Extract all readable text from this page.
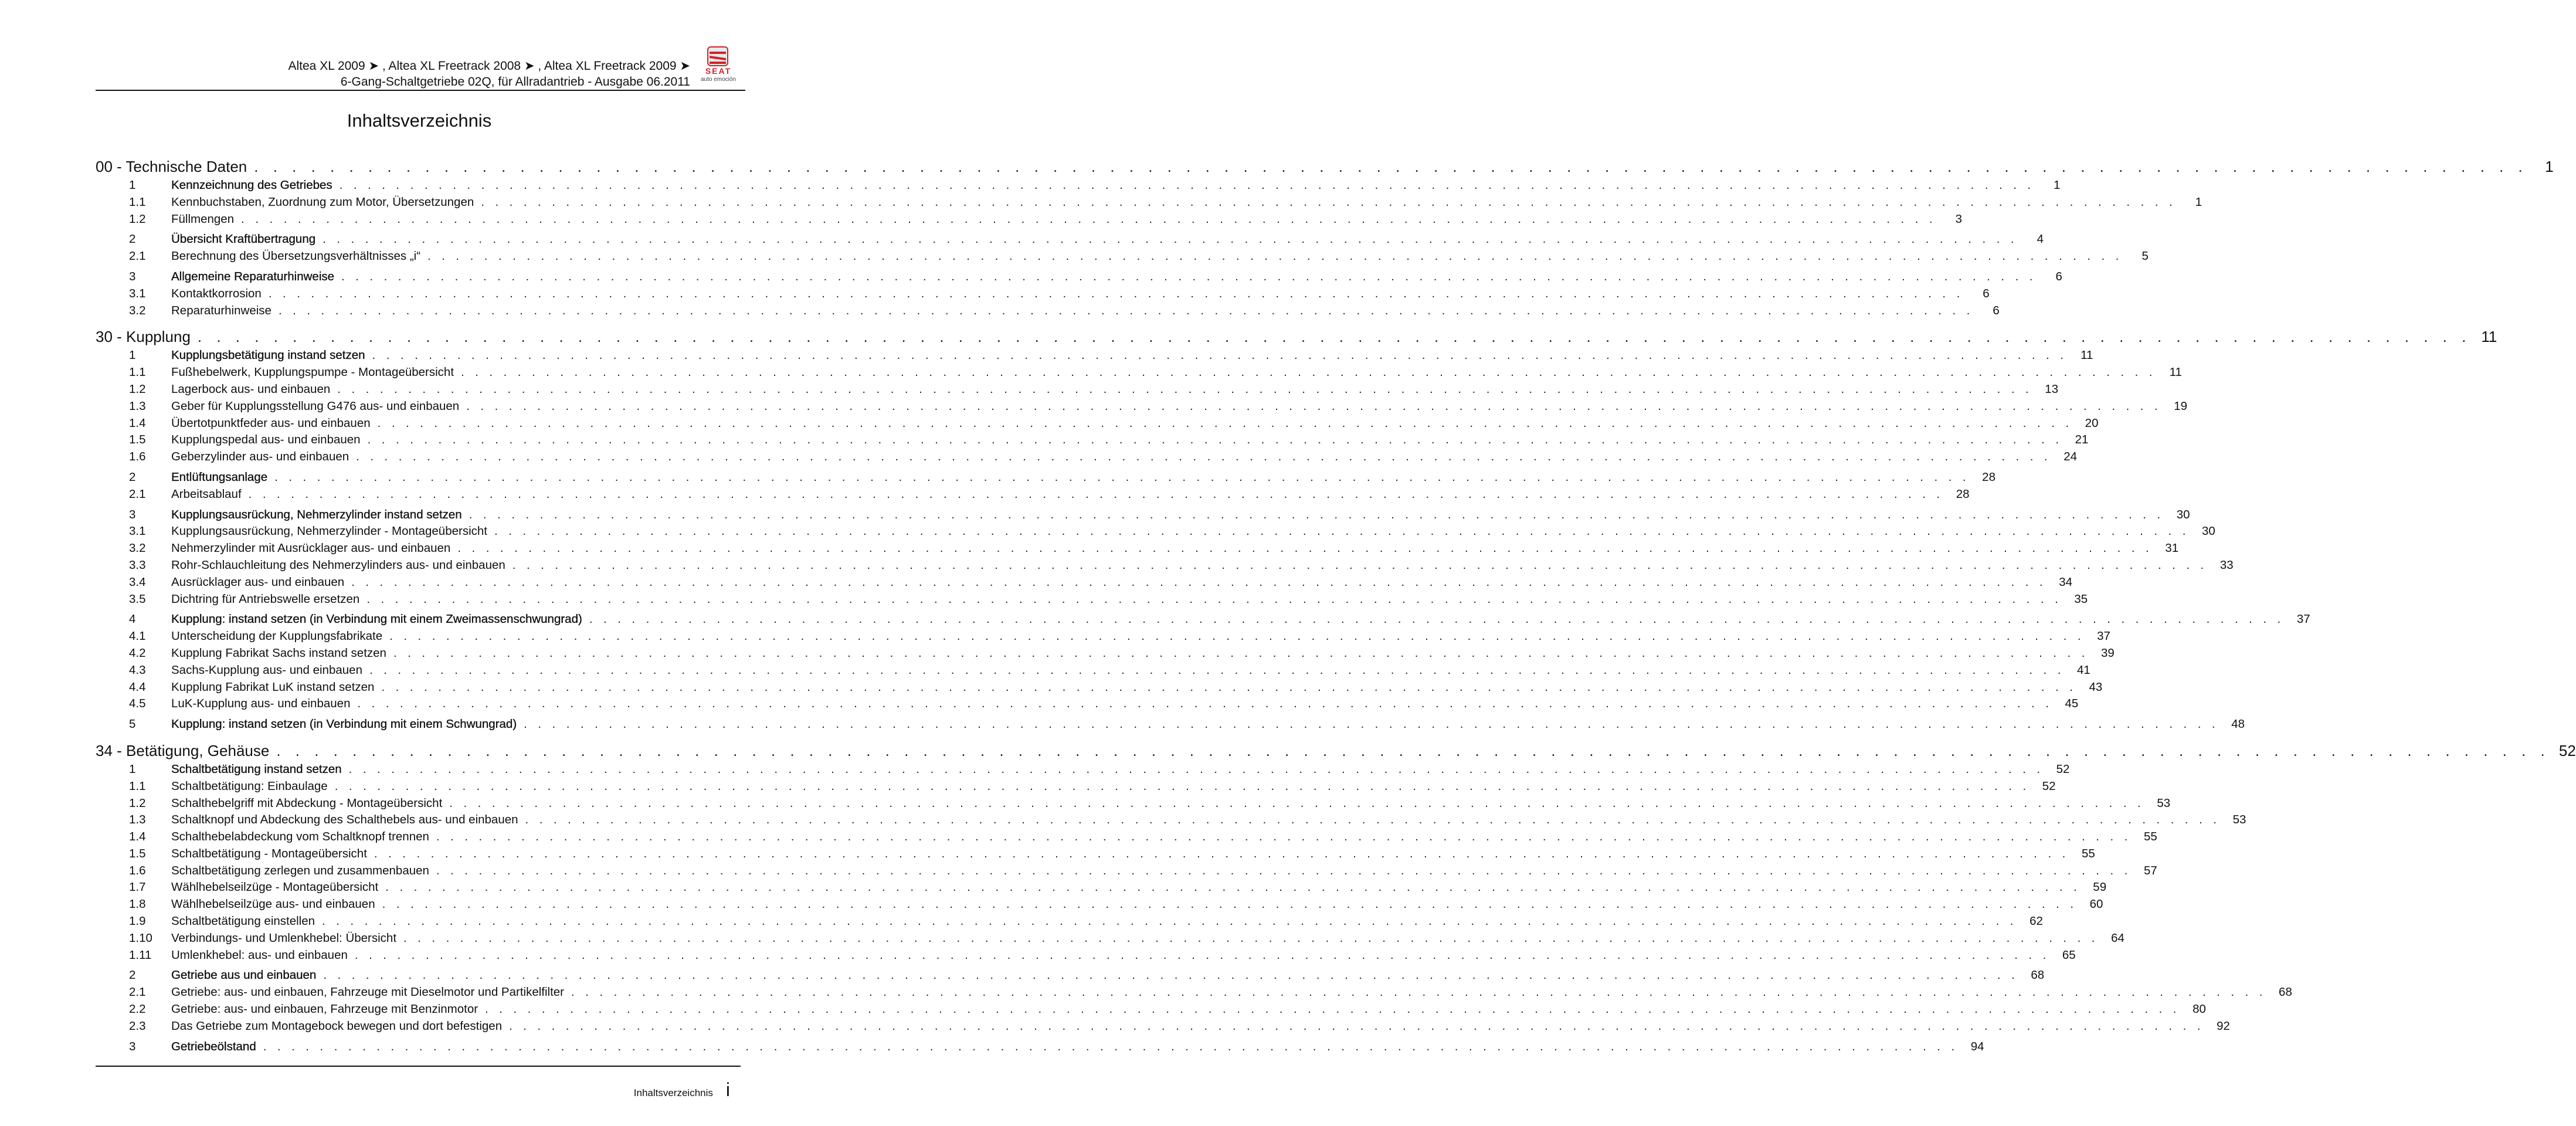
Altea XL 2009 ➤ , Altea XL Freetrack 2008 ➤ , Altea XL Freetrack 2009 ➤
6-Gang-Schaltgetriebe 02Q, für Allradantrieb - Ausgabe 06.2011
SEAT
auto emoción
Inhaltsverzeichnis
00 - Technische Daten . . . . . . . . . . . . . . . . . . . . . . . . . . . . . . . . . . . . . . . . . . . . . . . . . . . . . . . . . . . . . . . . . . . . . . . . . . . . . . . . . . . . . . . . . . . . . . . . . . . . . . . . . . . . . . . . . . . . . . . .	1
1	Kennzeichnung des Getriebes . . . . . . . . . . . . . . . . . . . . . . . . . . . . . . . . . . . . . . . . . . . . . . . . . . . . . . . . . . . . . . . . . . . . . . . . . . . . . . . . . . . . . . . . . . . . . . . . . . . . . . . . . . . . . . . . . . . . . . . .	1
1.1	Kennbuchstaben, Zuordnung zum Motor, Übersetzungen . . . . . . . . . . . . . . . . . . . . . . . . . . . . . . . . . . . . . . . . . . . . . . . . . . . . . . . . . . . . . . . . . . . . . . . . . . . . . . . . . . . . . . . . . . . . . . . . . . . . . . . . . . . . . . . . . . . . . . . .	1
1.2	Füllmengen . . . . . . . . . . . . . . . . . . . . . . . . . . . . . . . . . . . . . . . . . . . . . . . . . . . . . . . . . . . . . . . . . . . . . . . . . . . . . . . . . . . . . . . . . . . . . . . . . . . . . . . . . . . . . . . . . . . . . . . .	3
2	Übersicht Kraftübertragung . . . . . . . . . . . . . . . . . . . . . . . . . . . . . . . . . . . . . . . . . . . . . . . . . . . . . . . . . . . . . . . . . . . . . . . . . . . . . . . . . . . . . . . . . . . . . . . . . . . . . . . . . . . . . . . . . . . . . . . .	4
2.1	Berechnung des Übersetzungsverhältnisses „i“ . . . . . . . . . . . . . . . . . . . . . . . . . . . . . . . . . . . . . . . . . . . . . . . . . . . . . . . . . . . . . . . . . . . . . . . . . . . . . . . . . . . . . . . . . . . . . . . . . . . . . . . . . . . . . . . . . . . . . . . .	5
3	Allgemeine Reparaturhinweise . . . . . . . . . . . . . . . . . . . . . . . . . . . . . . . . . . . . . . . . . . . . . . . . . . . . . . . . . . . . . . . . . . . . . . . . . . . . . . . . . . . . . . . . . . . . . . . . . . . . . . . . . . . . . . . . . . . . . . . .	6
3.1	Kontaktkorrosion . . . . . . . . . . . . . . . . . . . . . . . . . . . . . . . . . . . . . . . . . . . . . . . . . . . . . . . . . . . . . . . . . . . . . . . . . . . . . . . . . . . . . . . . . . . . . . . . . . . . . . . . . . . . . . . . . . . . . . . .	6
3.2	Reparaturhinweise . . . . . . . . . . . . . . . . . . . . . . . . . . . . . . . . . . . . . . . . . . . . . . . . . . . . . . . . . . . . . . . . . . . . . . . . . . . . . . . . . . . . . . . . . . . . . . . . . . . . . . . . . . . . . . . . . . . . . . . .	6
30 - Kupplung . . . . . . . . . . . . . . . . . . . . . . . . . . . . . . . . . . . . . . . . . . . . . . . . . . . . . . . . . . . . . . . . . . . . . . . . . . . . . . . . . . . . . . . . . . . . . . . . . . . . . . . . . . . . . . . . . . . . . . . . 11
1	Kupplungsbetätigung instand setzen . . . . . . . . . . . . . . . . . . . . . . . . . . . . . . . . . . . . . . . . . . . . . . . . . . . . . . . . . . . . . . . . . . . . . . . . . . . . . . . . . . . . . . . . . . . . . . . . . . . . . . . . . . . . . . . . . . . . . . . .	11
1.1	Fußhebelwerk, Kupplungspumpe - Montageübersicht . . . . . . . . . . . . . . . . . . . . . . . . . . . . . . . . . . . . . . . . . . . . . . . . . . . . . . . . . . . . . . . . . . . . . . . . . . . . . . . . . . . . . . . . . . . . . . . . . . . . . . . . . . . . . . . . . . . . . . . .	11
1.2	Lagerbock aus- und einbauen . . . . . . . . . . . . . . . . . . . . . . . . . . . . . . . . . . . . . . . . . . . . . . . . . . . . . . . . . . . . . . . . . . . . . . . . . . . . . . . . . . . . . . . . . . . . . . . . . . . . . . . . . . . . . . . . . . . . . . . .	13
1.3	Geber für Kupplungsstellung G476 aus- und einbauen . . . . . . . . . . . . . . . . . . . . . . . . . . . . . . . . . . . . . . . . . . . . . . . . . . . . . . . . . . . . . . . . . . . . . . . . . . . . . . . . . . . . . . . . . . . . . . . . . . . . . . . . . . . . . . . . . . . . . . . .	19
1.4	Übertotpunktfeder aus- und einbauen . . . . . . . . . . . . . . . . . . . . . . . . . . . . . . . . . . . . . . . . . . . . . . . . . . . . . . . . . . . . . . . . . . . . . . . . . . . . . . . . . . . . . . . . . . . . . . . . . . . . . . . . . . . . . . . . . . . . . . . .	20
1.5	Kupplungspedal aus- und einbauen . . . . . . . . . . . . . . . . . . . . . . . . . . . . . . . . . . . . . . . . . . . . . . . . . . . . . . . . . . . . . . . . . . . . . . . . . . . . . . . . . . . . . . . . . . . . . . . . . . . . . . . . . . . . . . . . . . . . . . . .	21
1.6	Geberzylinder aus- und einbauen . . . . . . . . . . . . . . . . . . . . . . . . . . . . . . . . . . . . . . . . . . . . . . . . . . . . . . . . . . . . . . . . . . . . . . . . . . . . . . . . . . . . . . . . . . . . . . . . . . . . . . . . . . . . . . . . . . . . . . . .	24
2	Entlüftungsanlage . . . . . . . . . . . . . . . . . . . . . . . . . . . . . . . . . . . . . . . . . . . . . . . . . . . . . . . . . . . . . . . . . . . . . . . . . . . . . . . . . . . . . . . . . . . . . . . . . . . . . . . . . . . . . . . . . . . . . . . .	28
2.1	Arbeitsablauf . . . . . . . . . . . . . . . . . . . . . . . . . . . . . . . . . . . . . . . . . . . . . . . . . . . . . . . . . . . . . . . . . . . . . . . . . . . . . . . . . . . . . . . . . . . . . . . . . . . . . . . . . . . . . . . . . . . . . . . .	28
3	Kupplungsausrückung, Nehmerzylinder instand setzen . . . . . . . . . . . . . . . . . . . . . . . . . . . . . . . . . . . . . . . . . . . . . . . . . . . . . . . . . . . . . . . . . . . . . . . . . . . . . . . . . . . . . . . . . . . . . . . . . . . . . . . . . . . . . . . . . . . . . . . .	30
3.1	Kupplungsausrückung, Nehmerzylinder - Montageübersicht . . . . . . . . . . . . . . . . . . . . . . . . . . . . . . . . . . . . . . . . . . . . . . . . . . . . . . . . . . . . . . . . . . . . . . . . . . . . . . . . . . . . . . . . . . . . . . . . . . . . . . . . . . . . . . . . . . . . . . . .	30
3.2	Nehmerzylinder mit Ausrücklager aus- und einbauen . . . . . . . . . . . . . . . . . . . . . . . . . . . . . . . . . . . . . . . . . . . . . . . . . . . . . . . . . . . . . . . . . . . . . . . . . . . . . . . . . . . . . . . . . . . . . . . . . . . . . . . . . . . . . . . . . . . . . . . .	31
3.3	Rohr-Schlauchleitung des Nehmerzylinders aus- und einbauen . . . . . . . . . . . . . . . . . . . . . . . . . . . . . . . . . . . . . . . . . . . . . . . . . . . . . . . . . . . . . . . . . . . . . . . . . . . . . . . . . . . . . . . . . . . . . . . . . . . . . . . . . . . . . . . . . . . . . . . .	33
3.4	Ausrücklager aus- und einbauen . . . . . . . . . . . . . . . . . . . . . . . . . . . . . . . . . . . . . . . . . . . . . . . . . . . . . . . . . . . . . . . . . . . . . . . . . . . . . . . . . . . . . . . . . . . . . . . . . . . . . . . . . . . . . . . . . . . . . . . .	34
3.5	Dichtring für Antriebswelle ersetzen . . . . . . . . . . . . . . . . . . . . . . . . . . . . . . . . . . . . . . . . . . . . . . . . . . . . . . . . . . . . . . . . . . . . . . . . . . . . . . . . . . . . . . . . . . . . . . . . . . . . . . . . . . . . . . . . . . . . . . . .	35
4	Kupplung: instand setzen (in Verbindung mit einem Zweimassenschwungrad) . . . . . . . . . . . . . . . . . . . . . . . . . . . . . . . . . . . . . . . . . . . . . . . . . . . . . . . . . . . . . . . . . . . . . . . . . . . . . . . . . . . . . . . . . . . . . . . . . . . . . . . . . . . . . . . . . . . . . . . .	37
4.1	Unterscheidung der Kupplungsfabrikate . . . . . . . . . . . . . . . . . . . . . . . . . . . . . . . . . . . . . . . . . . . . . . . . . . . . . . . . . . . . . . . . . . . . . . . . . . . . . . . . . . . . . . . . . . . . . . . . . . . . . . . . . . . . . . . . . . . . . . . .	37
4.2	Kupplung Fabrikat Sachs instand setzen . . . . . . . . . . . . . . . . . . . . . . . . . . . . . . . . . . . . . . . . . . . . . . . . . . . . . . . . . . . . . . . . . . . . . . . . . . . . . . . . . . . . . . . . . . . . . . . . . . . . . . . . . . . . . . . . . . . . . . . .	39
4.3	Sachs-Kupplung aus- und einbauen . . . . . . . . . . . . . . . . . . . . . . . . . . . . . . . . . . . . . . . . . . . . . . . . . . . . . . . . . . . . . . . . . . . . . . . . . . . . . . . . . . . . . . . . . . . . . . . . . . . . . . . . . . . . . . . . . . . . . . . .	41
4.4	Kupplung Fabrikat LuK instand setzen . . . . . . . . . . . . . . . . . . . . . . . . . . . . . . . . . . . . . . . . . . . . . . . . . . . . . . . . . . . . . . . . . . . . . . . . . . . . . . . . . . . . . . . . . . . . . . . . . . . . . . . . . . . . . . . . . . . . . . . .	43
4.5	LuK-Kupplung aus- und einbauen . . . . . . . . . . . . . . . . . . . . . . . . . . . . . . . . . . . . . . . . . . . . . . . . . . . . . . . . . . . . . . . . . . . . . . . . . . . . . . . . . . . . . . . . . . . . . . . . . . . . . . . . . . . . . . . . . . . . . . . .	45
5	Kupplung: instand setzen (in Verbindung mit einem Schwungrad) . . . . . . . . . . . . . . . . . . . . . . . . . . . . . . . . . . . . . . . . . . . . . . . . . . . . . . . . . . . . . . . . . . . . . . . . . . . . . . . . . . . . . . . . . . . . . . . . . . . . . . . . . . . . . . . . . . . . . . . .	48
34 - Betätigung, Gehäuse . . . . . . . . . . . . . . . . . . . . . . . . . . . . . . . . . . . . . . . . . . . . . . . . . . . . . . . . . . . . . . . . . . . . . . . . . . . . . . . . . . . . . . . . . . . . . . . . . . . . . . . . . . . . . . . . . . . . . . . . 52
1	Schaltbetätigung instand setzen . . . . . . . . . . . . . . . . . . . . . . . . . . . . . . . . . . . . . . . . . . . . . . . . . . . . . . . . . . . . . . . . . . . . . . . . . . . . . . . . . . . . . . . . . . . . . . . . . . . . . . . . . . . . . . . . . . . . . . . .	52
1.1	Schaltbetätigung: Einbaulage . . . . . . . . . . . . . . . . . . . . . . . . . . . . . . . . . . . . . . . . . . . . . . . . . . . . . . . . . . . . . . . . . . . . . . . . . . . . . . . . . . . . . . . . . . . . . . . . . . . . . . . . . . . . . . . . . . . . . . . .	52
1.2	Schalthebelgriff mit Abdeckung - Montageübersicht . . . . . . . . . . . . . . . . . . . . . . . . . . . . . . . . . . . . . . . . . . . . . . . . . . . . . . . . . . . . . . . . . . . . . . . . . . . . . . . . . . . . . . . . . . . . . . . . . . . . . . . . . . . . . . . . . . . . . . . .	53
1.3	Schaltknopf und Abdeckung des Schalthebels aus- und einbauen . . . . . . . . . . . . . . . . . . . . . . . . . . . . . . . . . . . . . . . . . . . . . . . . . . . . . . . . . . . . . . . . . . . . . . . . . . . . . . . . . . . . . . . . . . . . . . . . . . . . . . . . . . . . . . . . . . . . . . . .	53
1.4	Schalthebelabdeckung vom Schaltknopf trennen . . . . . . . . . . . . . . . . . . . . . . . . . . . . . . . . . . . . . . . . . . . . . . . . . . . . . . . . . . . . . . . . . . . . . . . . . . . . . . . . . . . . . . . . . . . . . . . . . . . . . . . . . . . . . . . . . . . . . . . .	55
1.5	Schaltbetätigung - Montageübersicht . . . . . . . . . . . . . . . . . . . . . . . . . . . . . . . . . . . . . . . . . . . . . . . . . . . . . . . . . . . . . . . . . . . . . . . . . . . . . . . . . . . . . . . . . . . . . . . . . . . . . . . . . . . . . . . . . . . . . . . .	55
1.6	Schaltbetätigung zerlegen und zusammenbauen . . . . . . . . . . . . . . . . . . . . . . . . . . . . . . . . . . . . . . . . . . . . . . . . . . . . . . . . . . . . . . . . . . . . . . . . . . . . . . . . . . . . . . . . . . . . . . . . . . . . . . . . . . . . . . . . . . . . . . . .	57
1.7	Wählhebelseilzüge - Montageübersicht . . . . . . . . . . . . . . . . . . . . . . . . . . . . . . . . . . . . . . . . . . . . . . . . . . . . . . . . . . . . . . . . . . . . . . . . . . . . . . . . . . . . . . . . . . . . . . . . . . . . . . . . . . . . . . . . . . . . . . . .	59
1.8	Wählhebelseilzüge aus- und einbauen . . . . . . . . . . . . . . . . . . . . . . . . . . . . . . . . . . . . . . . . . . . . . . . . . . . . . . . . . . . . . . . . . . . . . . . . . . . . . . . . . . . . . . . . . . . . . . . . . . . . . . . . . . . . . . . . . . . . . . . .	60
1.9	Schaltbetätigung einstellen . . . . . . . . . . . . . . . . . . . . . . . . . . . . . . . . . . . . . . . . . . . . . . . . . . . . . . . . . . . . . . . . . . . . . . . . . . . . . . . . . . . . . . . . . . . . . . . . . . . . . . . . . . . . . . . . . . . . . . . .	62
1.10	Verbindungs- und Umlenkhebel: Übersicht . . . . . . . . . . . . . . . . . . . . . . . . . . . . . . . . . . . . . . . . . . . . . . . . . . . . . . . . . . . . . . . . . . . . . . . . . . . . . . . . . . . . . . . . . . . . . . . . . . . . . . . . . . . . . . . . . . . . . . . .	64
1.11	Umlenkhebel: aus- und einbauen . . . . . . . . . . . . . . . . . . . . . . . . . . . . . . . . . . . . . . . . . . . . . . . . . . . . . . . . . . . . . . . . . . . . . . . . . . . . . . . . . . . . . . . . . . . . . . . . . . . . . . . . . . . . . . . . . . . . . . . .	65
2	Getriebe aus und einbauen . . . . . . . . . . . . . . . . . . . . . . . . . . . . . . . . . . . . . . . . . . . . . . . . . . . . . . . . . . . . . . . . . . . . . . . . . . . . . . . . . . . . . . . . . . . . . . . . . . . . . . . . . . . . . . . . . . . . . . . .	68
2.1	Getriebe: aus- und einbauen, Fahrzeuge mit Dieselmotor und Partikelfilter . . . . . . . . . . . . . . . . . . . . . . . . . . . . . . . . . . . . . . . . . . . . . . . . . . . . . . . . . . . . . . . . . . . . . . . . . . . . . . . . . . . . . . . . . . . . . . . . . . . . . . . . . . . . . . . . . . . . . . . .	68
2.2	Getriebe: aus- und einbauen, Fahrzeuge mit Benzinmotor . . . . . . . . . . . . . . . . . . . . . . . . . . . . . . . . . . . . . . . . . . . . . . . . . . . . . . . . . . . . . . . . . . . . . . . . . . . . . . . . . . . . . . . . . . . . . . . . . . . . . . . . . . . . . . . . . . . . . . . .	80
2.3	Das Getriebe zum Montagebock bewegen und dort befestigen . . . . . . . . . . . . . . . . . . . . . . . . . . . . . . . . . . . . . . . . . . . . . . . . . . . . . . . . . . . . . . . . . . . . . . . . . . . . . . . . . . . . . . . . . . . . . . . . . . . . . . . . . . . . . . . . . . . . . . . .	92
3	Getriebeölstand . . . . . . . . . . . . . . . . . . . . . . . . . . . . . . . . . . . . . . . . . . . . . . . . . . . . . . . . . . . . . . . . . . . . . . . . . . . . . . . . . . . . . . . . . . . . . . . . . . . . . . . . . . . . . . . . . . . . . . . .	94
Inhaltsverzeichnis i
